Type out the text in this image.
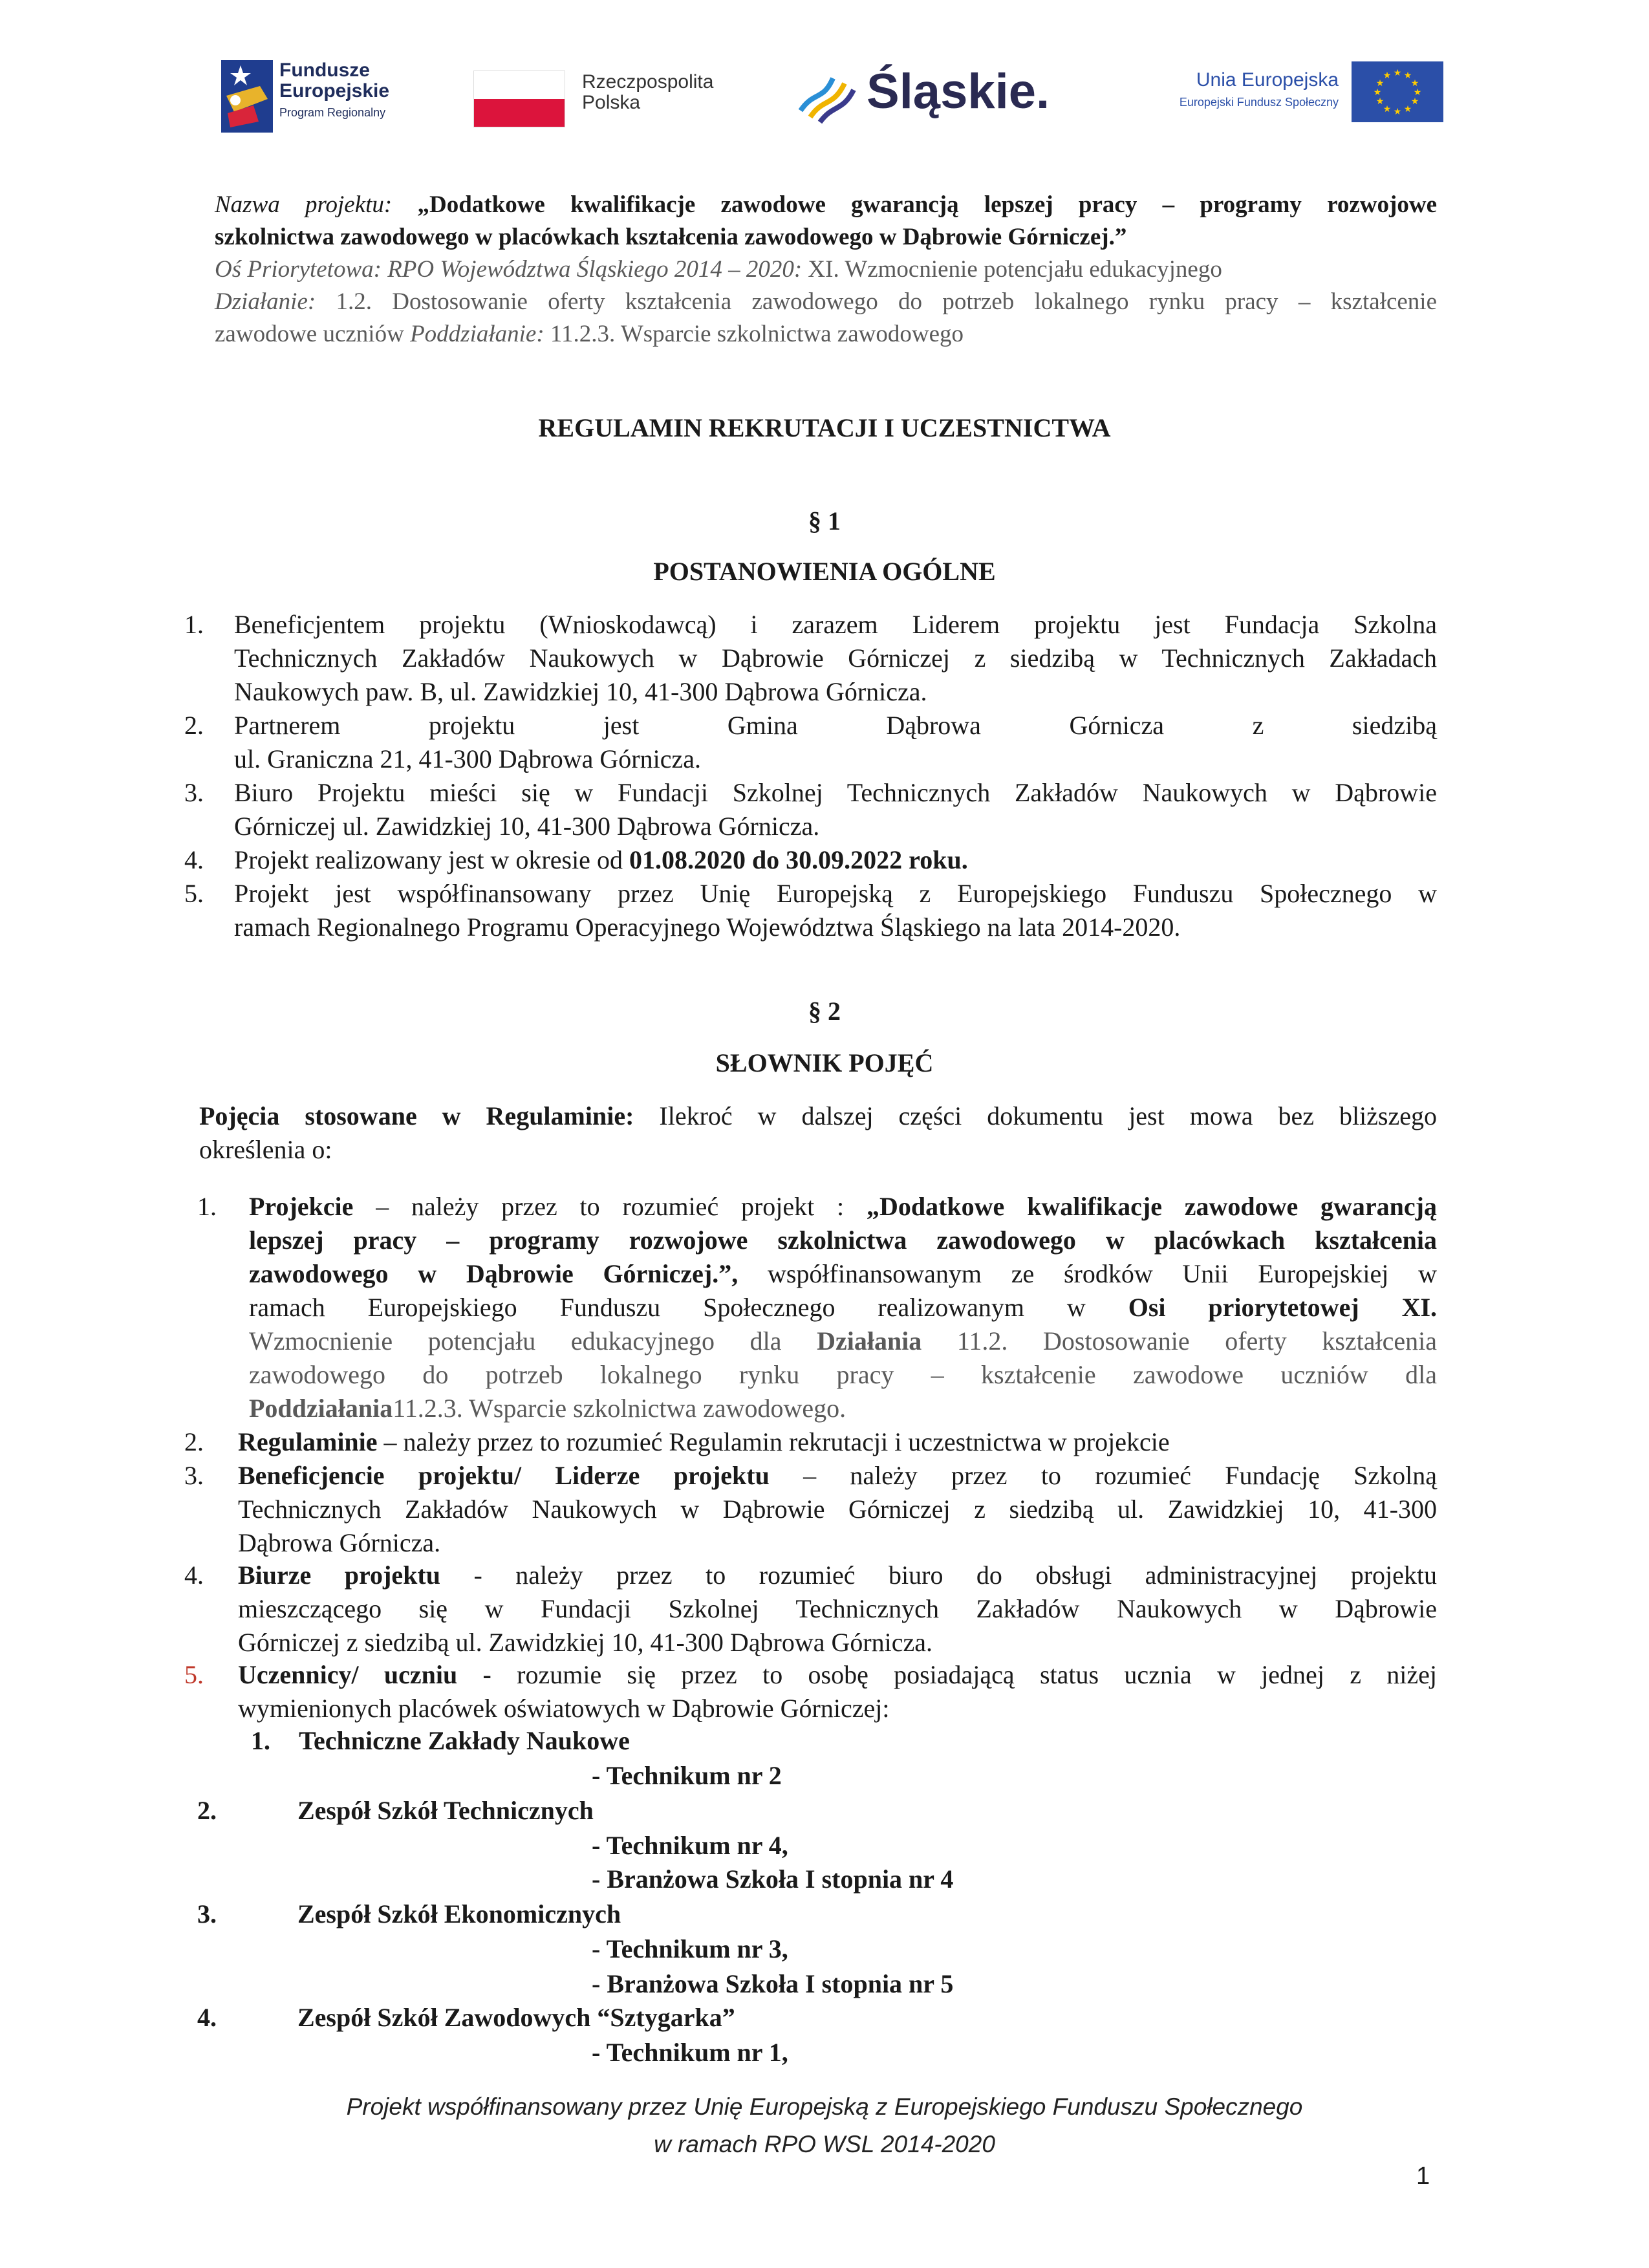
Fundusze
Europejskie
Program Regionalny
Rzeczpospolita
Polska	Śląskie.	Unia Europejska
Europejski Fundusz Społeczny
★ ★
★
★
★
★
★
★
★
★
★
★
Nazwa projektu: „Dodatkowe kwalifikacje zawodowe gwarancją lepszej pracy – programy rozwojowe
szkolnictwa zawodowego w placówkach kształcenia zawodowego w Dąbrowie Górniczej.”
Oś Priorytetowa: RPO Województwa Śląskiego 2014 – 2020: XI. Wzmocnienie potencjału edukacyjnego
Działanie: 1.2. Dostosowanie oferty kształcenia zawodowego do potrzeb lokalnego rynku pracy – kształcenie
zawodowe uczniów Poddziałanie: 11.2.3. Wsparcie szkolnictwa zawodowego
REGULAMIN REKRUTACJI I UCZESTNICTWA
§ 1
POSTANOWIENIA OGÓLNE
1. Beneficjentem projektu (Wnioskodawcą) i zarazem Liderem projektu jest Fundacja Szkolna
Technicznych Zakładów Naukowych w Dąbrowie Górniczej z siedzibą w Technicznych Zakładach
Naukowych paw. B, ul. Zawidzkiej 10, 41-300 Dąbrowa Górnicza.
2. Partnerem projektu jest Gmina Dąbrowa Górnicza z siedzibą
ul. Graniczna 21, 41-300 Dąbrowa Górnicza.
3. Biuro Projektu mieści się w Fundacji Szkolnej Technicznych Zakładów Naukowych w Dąbrowie
Górniczej ul. Zawidzkiej 10, 41-300 Dąbrowa Górnicza.
4. Projekt realizowany jest w okresie od 01.08.2020 do 30.09.2022 roku.
5. Projekt jest współfinansowany przez Unię Europejską z Europejskiego Funduszu Społecznego w
ramach Regionalnego Programu Operacyjnego Województwa Śląskiego na lata 2014-2020.
§ 2
SŁOWNIK POJĘĆ
Pojęcia stosowane w Regulaminie: Ilekroć w dalszej części dokumentu jest mowa bez bliższego
określenia o:
1. Projekcie – należy przez to rozumieć projekt : „Dodatkowe kwalifikacje zawodowe gwarancją
lepszej pracy – programy rozwojowe szkolnictwa zawodowego w placówkach kształcenia
zawodowego w Dąbrowie Górniczej.”, współfinansowanym ze środków Unii Europejskiej w
ramach Europejskiego Funduszu Społecznego realizowanym w Osi priorytetowej XI.
Wzmocnienie potencjału edukacyjnego dla Działania 11.2. Dostosowanie oferty kształcenia
zawodowego do potrzeb lokalnego rynku pracy – kształcenie zawodowe uczniów dla
Poddziałania11.2.3. Wsparcie szkolnictwa zawodowego.
2. Regulaminie – należy przez to rozumieć Regulamin rekrutacji i uczestnictwa w projekcie
3. Beneficjencie projektu/ Liderze projektu – należy przez to rozumieć Fundację Szkolną
Technicznych Zakładów Naukowych w Dąbrowie Górniczej z siedzibą ul. Zawidzkiej 10, 41-300
Dąbrowa Górnicza.
4. Biurze projektu - należy przez to rozumieć biuro do obsługi administracyjnej projektu
mieszczącego się w Fundacji Szkolnej Technicznych Zakładów Naukowych w Dąbrowie
Górniczej z siedzibą ul. Zawidzkiej 10, 41-300 Dąbrowa Górnicza.
5. Uczennicy/ uczniu - rozumie się przez to osobę posiadającą status ucznia w jednej z niżej
wymienionych placówek oświatowych w Dąbrowie Górniczej:
1. Techniczne Zakłady Naukowe
- Technikum nr 2
2.	Zespół Szkół Technicznych
- Technikum nr 4,
- Branżowa Szkoła I stopnia nr 4
3.	Zespół Szkół Ekonomicznych
- Technikum nr 3,
- Branżowa Szkoła I stopnia nr 5
4.	Zespół Szkół Zawodowych “Sztygarka”
- Technikum nr 1,
Projekt współfinansowany przez Unię Europejską z Europejskiego Funduszu Społecznego
w ramach RPO WSL 2014-2020
1
